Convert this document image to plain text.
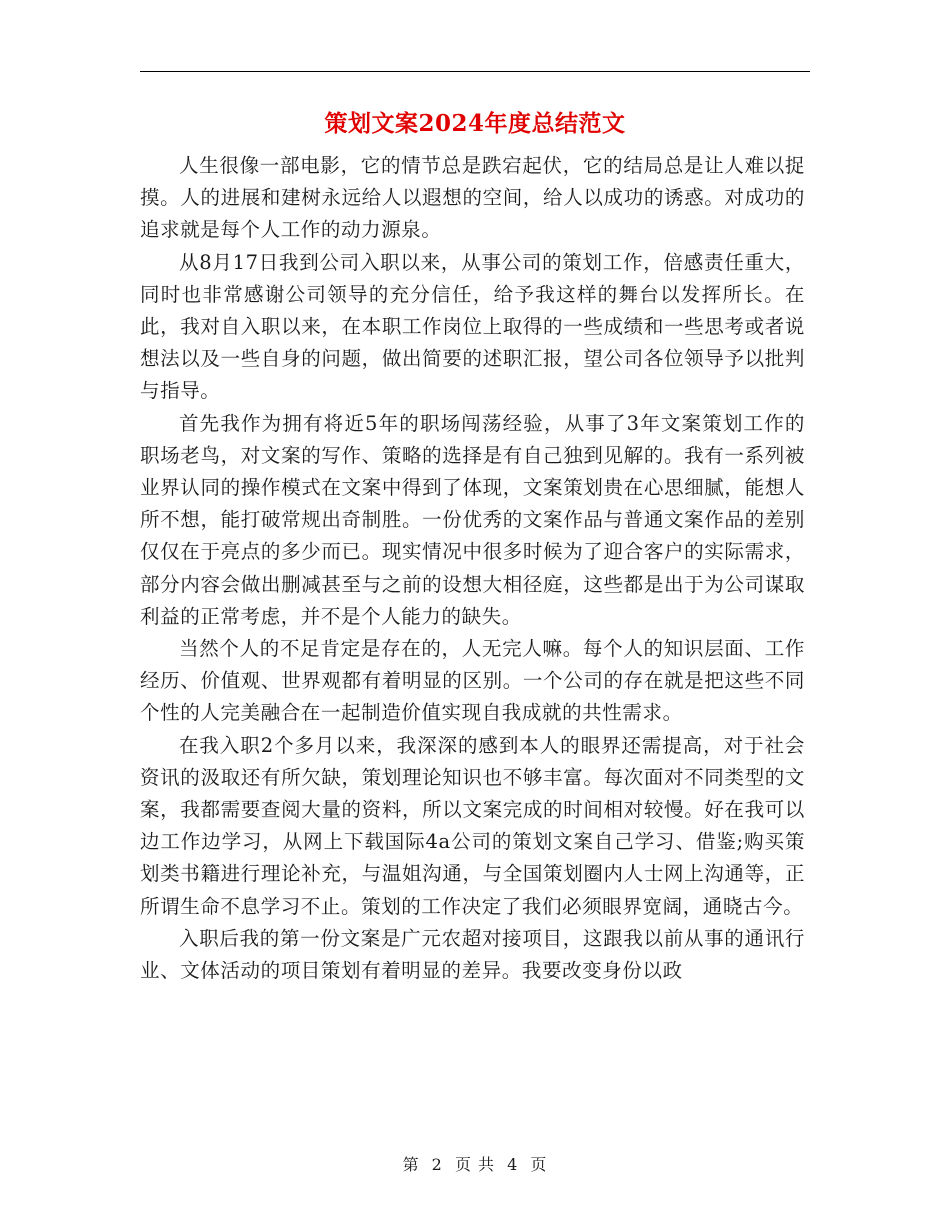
策划文案2024年度总结范文

人生很像一部电影，它的情节总是跌宕起伏，它的结局总是让人难以捉摸。人的进展和建树永远给人以遐想的空间，给人以成功的诱惑。对成功的追求就是每个人工作的动力源泉。

从8月17日我到公司入职以来，从事公司的策划工作，倍感责任重大，同时也非常感谢公司领导的充分信任，给予我这样的舞台以发挥所长。在此，我对自入职以来，在本职工作岗位上取得的一些成绩和一些思考或者说想法以及一些自身的问题，做出简要的述职汇报，望公司各位领导予以批判与指导。

首先我作为拥有将近5年的职场闯荡经验，从事了3年文案策划工作的职场老鸟，对文案的写作、策略的选择是有自己独到见解的。我有一系列被业界认同的操作模式在文案中得到了体现，文案策划贵在心思细腻，能想人所不想，能打破常规出奇制胜。一份优秀的文案作品与普通文案作品的差别仅仅在于亮点的多少而已。现实情况中很多时候为了迎合客户的实际需求，部分内容会做出删减甚至与之前的设想大相径庭，这些都是出于为公司谋取利益的正常考虑，并不是个人能力的缺失。

当然个人的不足肯定是存在的，人无完人嘛。每个人的知识层面、工作经历、价值观、世界观都有着明显的区别。一个公司的存在就是把这些不同个性的人完美融合在一起制造价值实现自我成就的共性需求。

在我入职2个多月以来，我深深的感到本人的眼界还需提高，对于社会资讯的汲取还有所欠缺，策划理论知识也不够丰富。每次面对不同类型的文案，我都需要查阅大量的资料，所以文案完成的时间相对较慢。好在我可以边工作边学习，从网上下载国际4a公司的策划文案自己学习、借鉴;购买策划类书籍进行理论补充，与温姐沟通，与全国策划圈内人士网上沟通等，正所谓生命不息学习不止。策划的工作决定了我们必须眼界宽阔，通晓古今。

入职后我的第一份文案是广元农超对接项目，这跟我以前从事的通讯行业、文体活动的项目策划有着明显的差异。我要改变身份以政

第 2 页 共 4 页
